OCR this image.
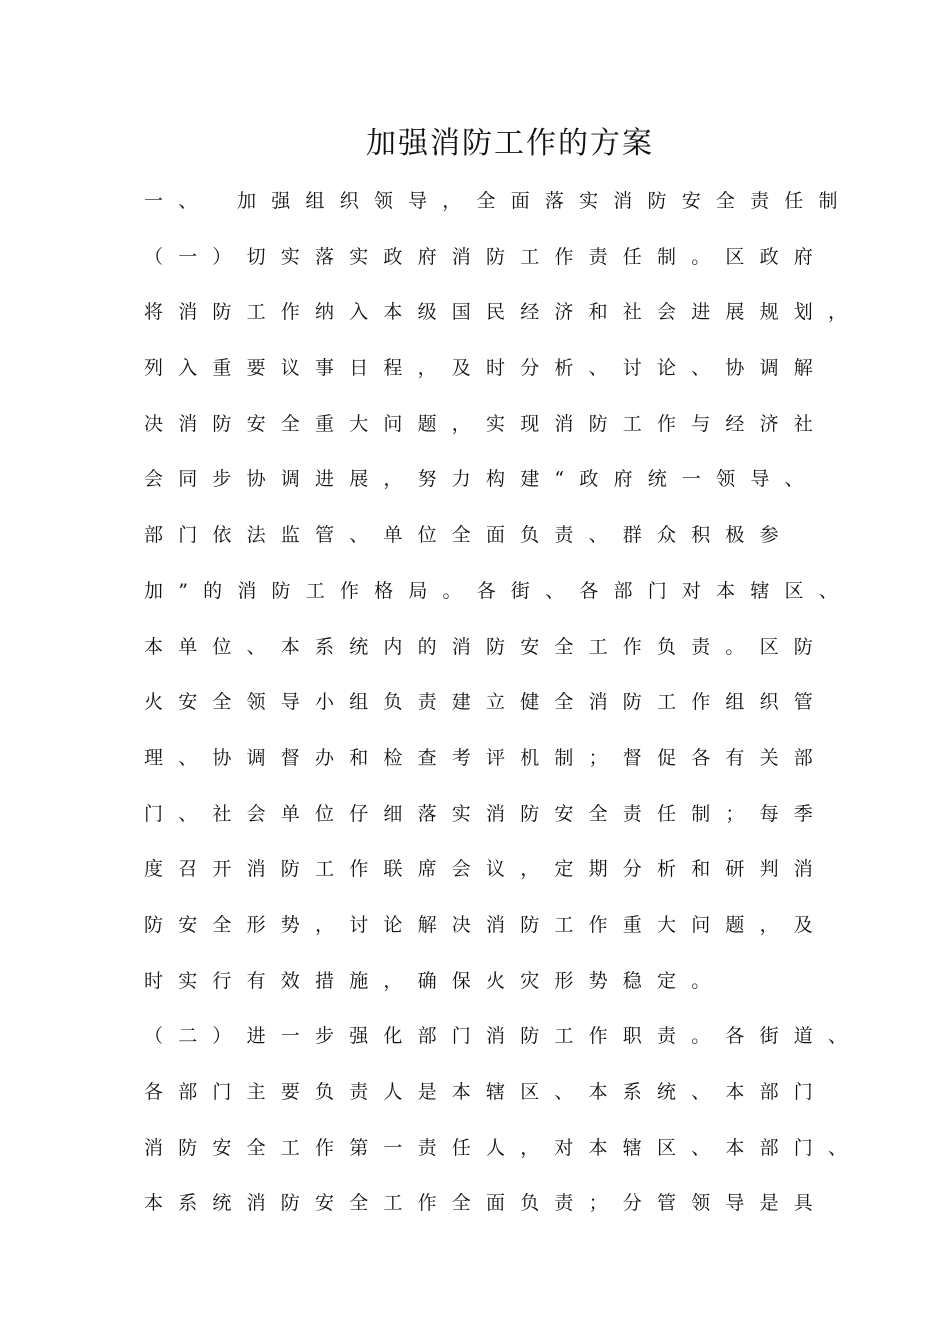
加强消防工作的方案
一、　加强组织领导，全面落实消防安全责任制
（一）切实落实政府消防工作责任制。区政府
将消防工作纳入本级国民经济和社会进展规划，
列入重要议事日程，及时分析、讨论、协调解
决消防安全重大问题，实现消防工作与经济社
会同步协调进展，努力构建“政府统一领导、
部门依法监管、单位全面负责、群众积极参
加”的消防工作格局。各街、各部门对本辖区、
本单位、本系统内的消防安全工作负责。区防
火安全领导小组负责建立健全消防工作组织管
理、协调督办和检查考评机制；督促各有关部
门、社会单位仔细落实消防安全责任制；每季
度召开消防工作联席会议，定期分析和研判消
防安全形势，讨论解决消防工作重大问题，及
时实行有效措施，确保火灾形势稳定。
（二）进一步强化部门消防工作职责。各街道、
各部门主要负责人是本辖区、本系统、本部门
消防安全工作第一责任人，对本辖区、本部门、
本系统消防安全工作全面负责；分管领导是具
